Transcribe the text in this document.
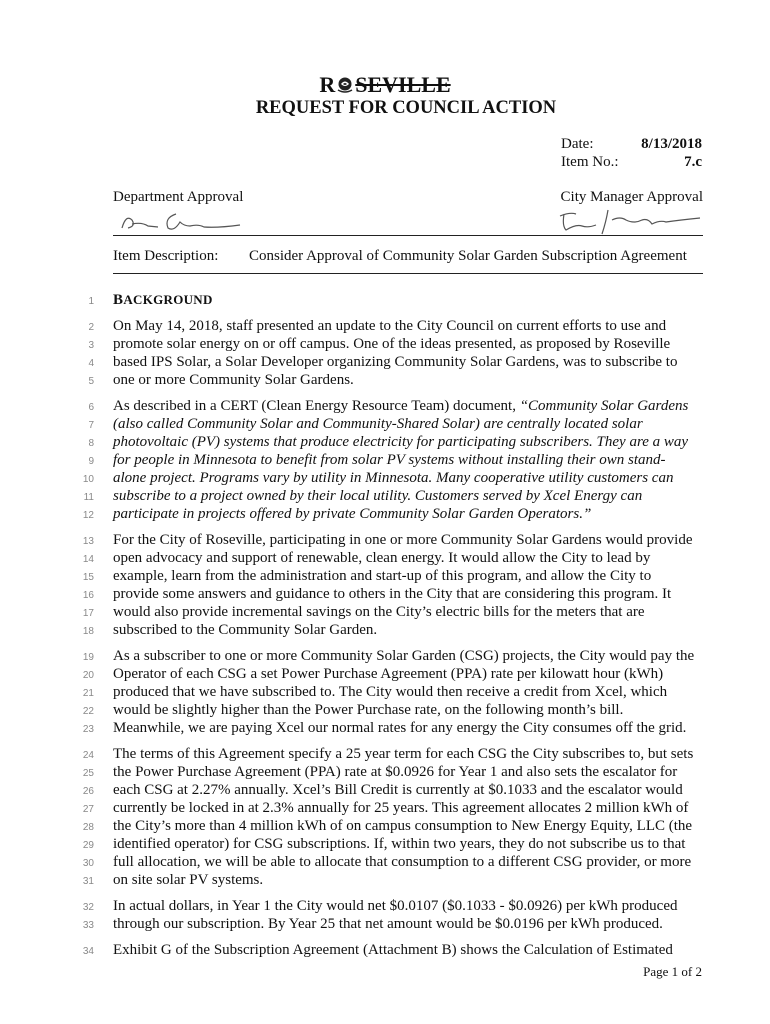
R SEVILLE
REQUEST FOR COUNCIL ACTION
Date:	8/13/2018
Item No.:	7.c
Department Approval	City Manager Approval
Item Description: Consider Approval of Community Solar Garden Subscription Agreement
1 BACKGROUND
2 On May 14, 2018, staff presented an update to the City Council on current efforts to use and
3 promote solar energy on or off campus. One of the ideas presented, as proposed by Roseville
4 based IPS Solar, a Solar Developer organizing Community Solar Gardens, was to subscribe to
5 one or more Community Solar Gardens.
6 As described in a CERT (Clean Energy Resource Team) document, “Community Solar Gardens
7 (also called Community Solar and Community-Shared Solar) are centrally located solar
8 photovoltaic (PV) systems that produce electricity for participating subscribers. They are a way
9 for people in Minnesota to benefit from solar PV systems without installing their own stand-
10 alone project. Programs vary by utility in Minnesota. Many cooperative utility customers can
11 subscribe to a project owned by their local utility. Customers served by Xcel Energy can
12 participate in projects offered by private Community Solar Garden Operators.”
13 For the City of Roseville, participating in one or more Community Solar Gardens would provide
14 open advocacy and support of renewable, clean energy. It would allow the City to lead by
15 example, learn from the administration and start-up of this program, and allow the City to
16 provide some answers and guidance to others in the City that are considering this program. It
17 would also provide incremental savings on the City’s electric bills for the meters that are
18 subscribed to the Community Solar Garden.
19 As a subscriber to one or more Community Solar Garden (CSG) projects, the City would pay the
20 Operator of each CSG a set Power Purchase Agreement (PPA) rate per kilowatt hour (kWh)
21 produced that we have subscribed to. The City would then receive a credit from Xcel, which
22 would be slightly higher than the Power Purchase rate, on the following month’s bill.
23 Meanwhile, we are paying Xcel our normal rates for any energy the City consumes off the grid.
24 The terms of this Agreement specify a 25 year term for each CSG the City subscribes to, but sets
25 the Power Purchase Agreement (PPA) rate at $0.0926 for Year 1 and also sets the escalator for
26 each CSG at 2.27% annually. Xcel’s Bill Credit is currently at $0.1033 and the escalator would
27 currently be locked in at 2.3% annually for 25 years. This agreement allocates 2 million kWh of
28 the City’s more than 4 million kWh of on campus consumption to New Energy Equity, LLC (the
29 identified operator) for CSG subscriptions. If, within two years, they do not subscribe us to that
30 full allocation, we will be able to allocate that consumption to a different CSG provider, or more
31 on site solar PV systems.
32 In actual dollars, in Year 1 the City would net $0.0107 ($0.1033 - $0.0926) per kWh produced
33 through our subscription. By Year 25 that net amount would be $0.0196 per kWh produced.
34 Exhibit G of the Subscription Agreement (Attachment B) shows the Calculation of Estimated
Page 1 of 2
